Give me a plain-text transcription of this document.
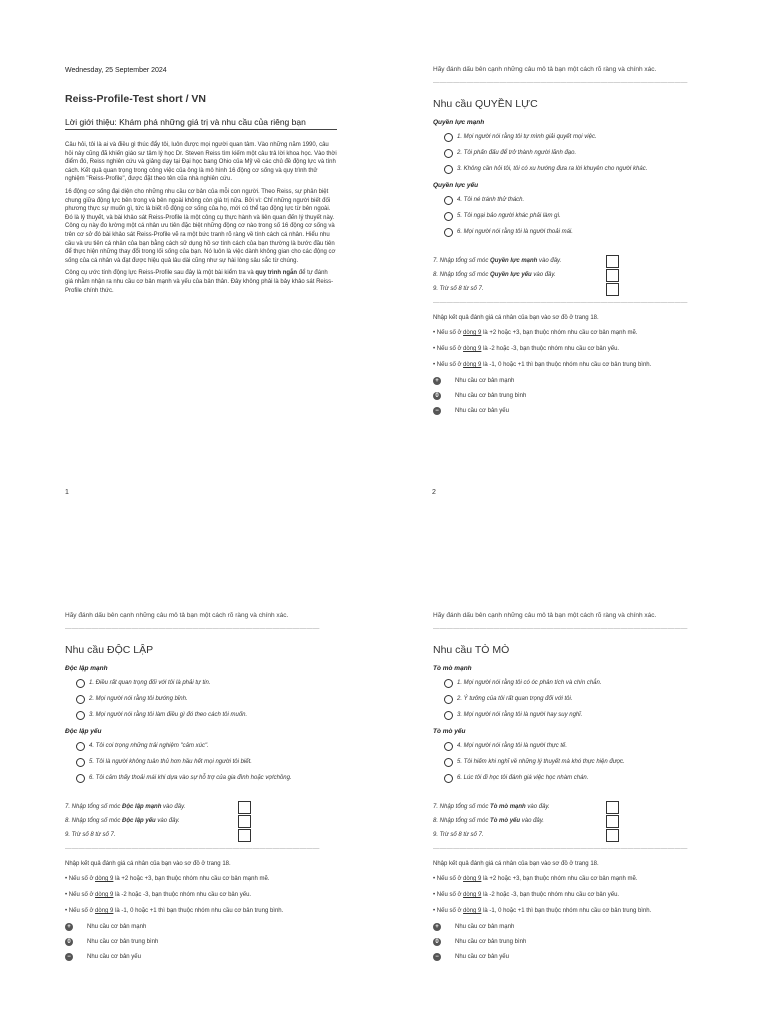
Wednesday, 25 September 2024
Reiss-Profile-Test short / VN
Lời giới thiệu: Khám phá những giá trị và nhu cầu của riêng bạn

Câu hỏi, tôi là ai và điều gì thúc đẩy tôi, luôn được mọi người quan tâm. Vào những năm 1990, câu hỏi này cũng đã khiến giáo sư tâm lý học Dr. Steven Reiss tìm kiếm một câu trả lời khoa học. Vào thời điểm đó, Reiss nghiên cứu và giảng dạy tại Đại học bang Ohio của Mỹ về các chủ đề động lực và tính cách. Kết quả quan trọng trong công việc của ông là mô hình 16 động cơ sống và quy trình thử nghiệm "Reiss-Profile", được đặt theo tên của nhà nghiên cứu.

16 động cơ sống đại diện cho những nhu cầu cơ bản của mỗi con người. Theo Reiss, sự phân biệt chung giữa động lực bên trong và bên ngoài không còn giá trị nữa. Bởi vì: Chỉ những người biết đối phương thực sự muốn gì, tức là biết rõ động cơ sống của họ, mới có thể tạo động lực từ bên ngoài. Đó là lý thuyết, và bài khảo sát Reiss-Profile là một công cụ thực hành và liên quan đến lý thuyết này. Công cụ này đo lường một cá nhân ưu tiên đặc biệt những động cơ nào trong số 16 động cơ sống và trên cơ sở đó bài khảo sát Reiss-Profile vẽ ra một bức tranh rõ ràng về tính cách cá nhân. Hiểu nhu cầu và ưu tiên cá nhân của bạn bằng cách sử dụng hồ sơ tính cách của bạn thường là bước đầu tiên để thực hiện những thay đổi trong lối sống của bạn. Nó luôn là việc dành không gian cho các động cơ sống của cá nhân và đạt được hiệu quả lâu dài cũng như sự hài lòng sâu sắc từ chúng.

Công cụ ước tính động lực Reiss-Profile sau đây là một bài kiểm tra và quy trình ngắn để tự đánh giá nhằm nhận ra nhu cầu cơ bản mạnh và yếu của bản thân. Đây không phải là bảy khảo sát Reiss-Profile chính thức.

1
Hãy đánh dấu bên cạnh những câu mô tả bạn một cách rõ ràng và chính xác.
——————————————————————————————————————
Nhu cầu QUYỀN LỰC
Quyền lực mạnh
1. Mọi người nói rằng tôi tự mình giải quyết mọi việc.
2. Tôi phấn đấu để trở thành người lãnh đạo.
3. Không cần hỏi tôi, tôi có xu hướng đưa ra lời khuyên cho người khác.
Quyền lực yếu
4. Tôi né tránh thử thách.
5. Tôi ngại bảo người khác phải làm gì.
6. Mọi người nói rằng tôi là người thoải mái.
7. Nhập tổng số móc Quyền lực mạnh vào đây.
8. Nhập tổng số móc Quyền lực yếu vào đây.
9. Trừ số 8 từ số 7.
——————————————————————————————————————
Nhập kết quả đánh giá cá nhân của bạn vào sơ đồ ở trang 18.
• Nếu số ở dòng 9 là +2 hoặc +3, bạn thuộc nhóm nhu cầu cơ bản mạnh mẽ.
• Nếu số ở dòng 9 là -2 hoặc -3, bạn thuộc nhóm nhu cầu cơ bản yếu.
• Nếu số ở dòng 9 là -1, 0 hoặc +1 thì bạn thuộc nhóm nhu cầu cơ bản trung bình.
+	Nhu cầu cơ bản mạnh
0	Nhu cầu cơ bản trung bình
−	Nhu cầu cơ bản yếu
2
Hãy đánh dấu bên cạnh những câu mô tả bạn một cách rõ ràng và chính xác.
——————————————————————————————————————
Nhu cầu ĐỘC LẬP
Độc lập mạnh
1. Điều rất quan trọng đối với tôi là phải tự tin.
2. Mọi người nói rằng tôi bướng bỉnh.
3. Mọi người nói rằng tôi làm điều gì đó theo cách tôi muốn.
Độc lập yếu
4. Tôi coi trọng những trải nghiệm "cảm xúc".
5. Tôi là người không tuân thủ hơn hầu hết mọi người tôi biết.
6. Tôi cảm thấy thoải mái khi dựa vào sự hỗ trợ của gia đình hoặc vợ/chồng.
7. Nhập tổng số móc Độc lập mạnh vào đây.
8. Nhập tổng số móc Độc lập yếu vào đây.
9. Trừ số 8 từ số 7.
——————————————————————————————————————
Nhập kết quả đánh giá cá nhân của bạn vào sơ đồ ở trang 18.
• Nếu số ở dòng 9 là +2 hoặc +3, bạn thuộc nhóm nhu cầu cơ bản mạnh mẽ.
• Nếu số ở dòng 9 là -2 hoặc -3, bạn thuộc nhóm nhu cầu cơ bản yếu.
• Nếu số ở dòng 9 là -1, 0 hoặc +1 thì bạn thuộc nhóm nhu cầu cơ bản trung bình.
+	Nhu cầu cơ bản mạnh
0	Nhu cầu cơ bản trung bình
−	Nhu cầu cơ bản yếu
Hãy đánh dấu bên cạnh những câu mô tả bạn một cách rõ ràng và chính xác.
——————————————————————————————————————
Nhu cầu TÒ MÒ
Tò mò mạnh
1. Mọi người nói rằng tôi có óc phân tích và chín chắn.
2. Ý tưởng của tôi rất quan trọng đối với tôi.
3. Mọi người nói rằng tôi là người hay suy nghĩ.
Tò mò yếu
4. Mọi người nói rằng tôi là người thực tế.
5. Tôi hiếm khi nghĩ về những lý thuyết mà khó thực hiện được.
6. Lúc tôi đi học tôi đánh giá việc học nhàm chán.
7. Nhập tổng số móc Tò mò mạnh vào đây.
8. Nhập tổng số móc Tò mò yếu vào đây.
9. Trừ số 8 từ số 7.
——————————————————————————————————————
Nhập kết quả đánh giá cá nhân của bạn vào sơ đồ ở trang 18.
• Nếu số ở dòng 9 là +2 hoặc +3, bạn thuộc nhóm nhu cầu cơ bản mạnh mẽ.
• Nếu số ở dòng 9 là -2 hoặc -3, bạn thuộc nhóm nhu cầu cơ bản yếu.
• Nếu số ở dòng 9 là -1, 0 hoặc +1 thì bạn thuộc nhóm nhu cầu cơ bản trung bình.
+	Nhu cầu cơ bản mạnh
0	Nhu cầu cơ bản trung bình
−	Nhu cầu cơ bản yếu
